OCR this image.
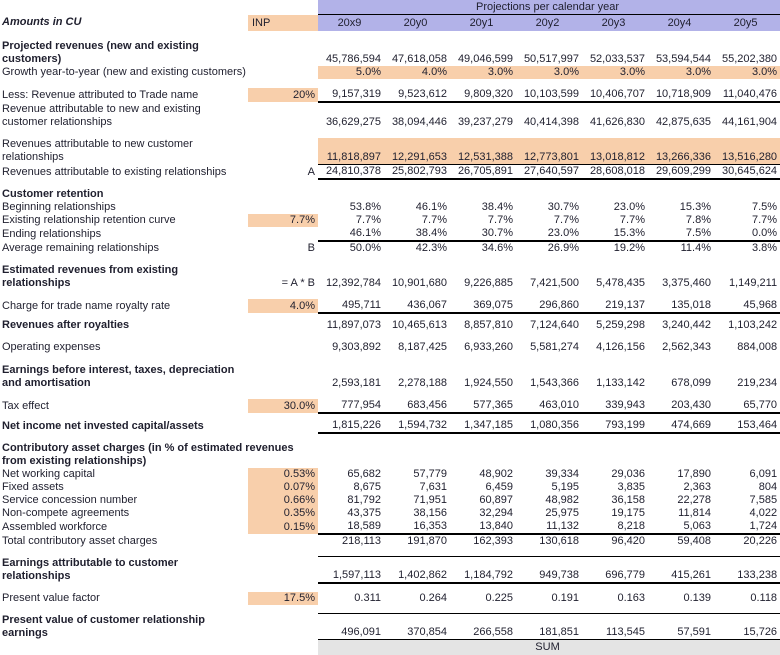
		Projections per calendar year						
Amounts in CU	INP	20x9	20y0	20y1	20y2	20y3	20y4	20y5

Projected revenues (new and existing customers)		45,786,594	47,618,058	49,046,599	50,517,997	52,033,537	53,594,544	55,202,380
Growth year-to-year (new and existing customers)		5.0%	4.0%	3.0%	3.0%	3.0%	3.0%	3.0%

Less: Revenue attributed to Trade name	20%	9,157,319	9,523,612	9,809,320	10,103,599	10,406,707	10,718,909	11,040,476
Revenue attributable to new and existing customer relationships								
		36,629,275	38,094,446	39,237,279	40,414,398	41,626,830	42,875,635	44,161,904

Revenues attributable to new customer relationships		11,818,897	12,291,653	12,531,388	12,773,801	13,018,812	13,266,336	13,516,280
Revenues attributable to existing relationships	A	24,810,378	25,802,793	26,705,891	27,640,597	28,608,018	29,609,299	30,645,624

Customer retention								
Beginning relationships		53.8%	46.1%	38.4%	30.7%	23.0%	15.3%	7.5%
Existing relationship retention curve	7.7%	7.7%	7.7%	7.7%	7.7%	7.7%	7.8%	7.7%
Ending relationships		46.1%	38.4%	30.7%	23.0%	15.3%	7.5%	0.0%
Average remaining relationships	B	50.0%	42.3%	34.6%	26.9%	19.2%	11.4%	3.8%

Estimated revenues from existing relationships	= A * B	12,392,784	10,901,680	9,226,885	7,421,500	5,478,435	3,375,460	1,149,211

Charge for trade name royalty rate	4.0%	495,711	436,067	369,075	296,860	219,137	135,018	45,968

Revenues after royalties		11,897,073	10,465,613	8,857,810	7,124,640	5,259,298	3,240,442	1,103,242

Operating expenses		9,303,892	8,187,425	6,933,260	5,581,274	4,126,156	2,562,343	884,008

Earnings before interest, taxes, depreciation and amortisation								
		2,593,181	2,278,188	1,924,550	1,543,366	1,133,142	678,099	219,234

Tax effect	30.0%	777,954	683,456	577,365	463,010	339,943	203,430	65,770

Net income net invested capital/assets		1,815,226	1,594,732	1,347,185	1,080,356	793,199	474,669	153,464

Contributory asset charges (in % of estimated revenues from existing relationships)								
Net working capital	0.53%	65,682	57,779	48,902	39,334	29,036	17,890	6,091
Fixed assets	0.07%	8,675	7,631	6,459	5,195	3,835	2,363	804
Service concession number	0.66%	81,792	71,951	60,897	48,982	36,158	22,278	7,585
Non-compete agreements	0.35%	43,375	38,156	32,294	25,975	19,175	11,814	4,022
Assembled workforce	0.15%	18,589	16,353	13,840	11,132	8,218	5,063	1,724
Total contributory asset charges		218,113	191,870	162,393	130,618	96,420	59,408	20,226

Earnings attributable to customer relationships		1,597,113	1,402,862	1,184,792	949,738	696,779	415,261	133,238

Present value factor	17.5%	0.311	0.264	0.225	0.191	0.163	0.139	0.118

Present value of customer relationship earnings		496,091	370,854	266,558	181,851	113,545	57,591	15,726
		SUM						
